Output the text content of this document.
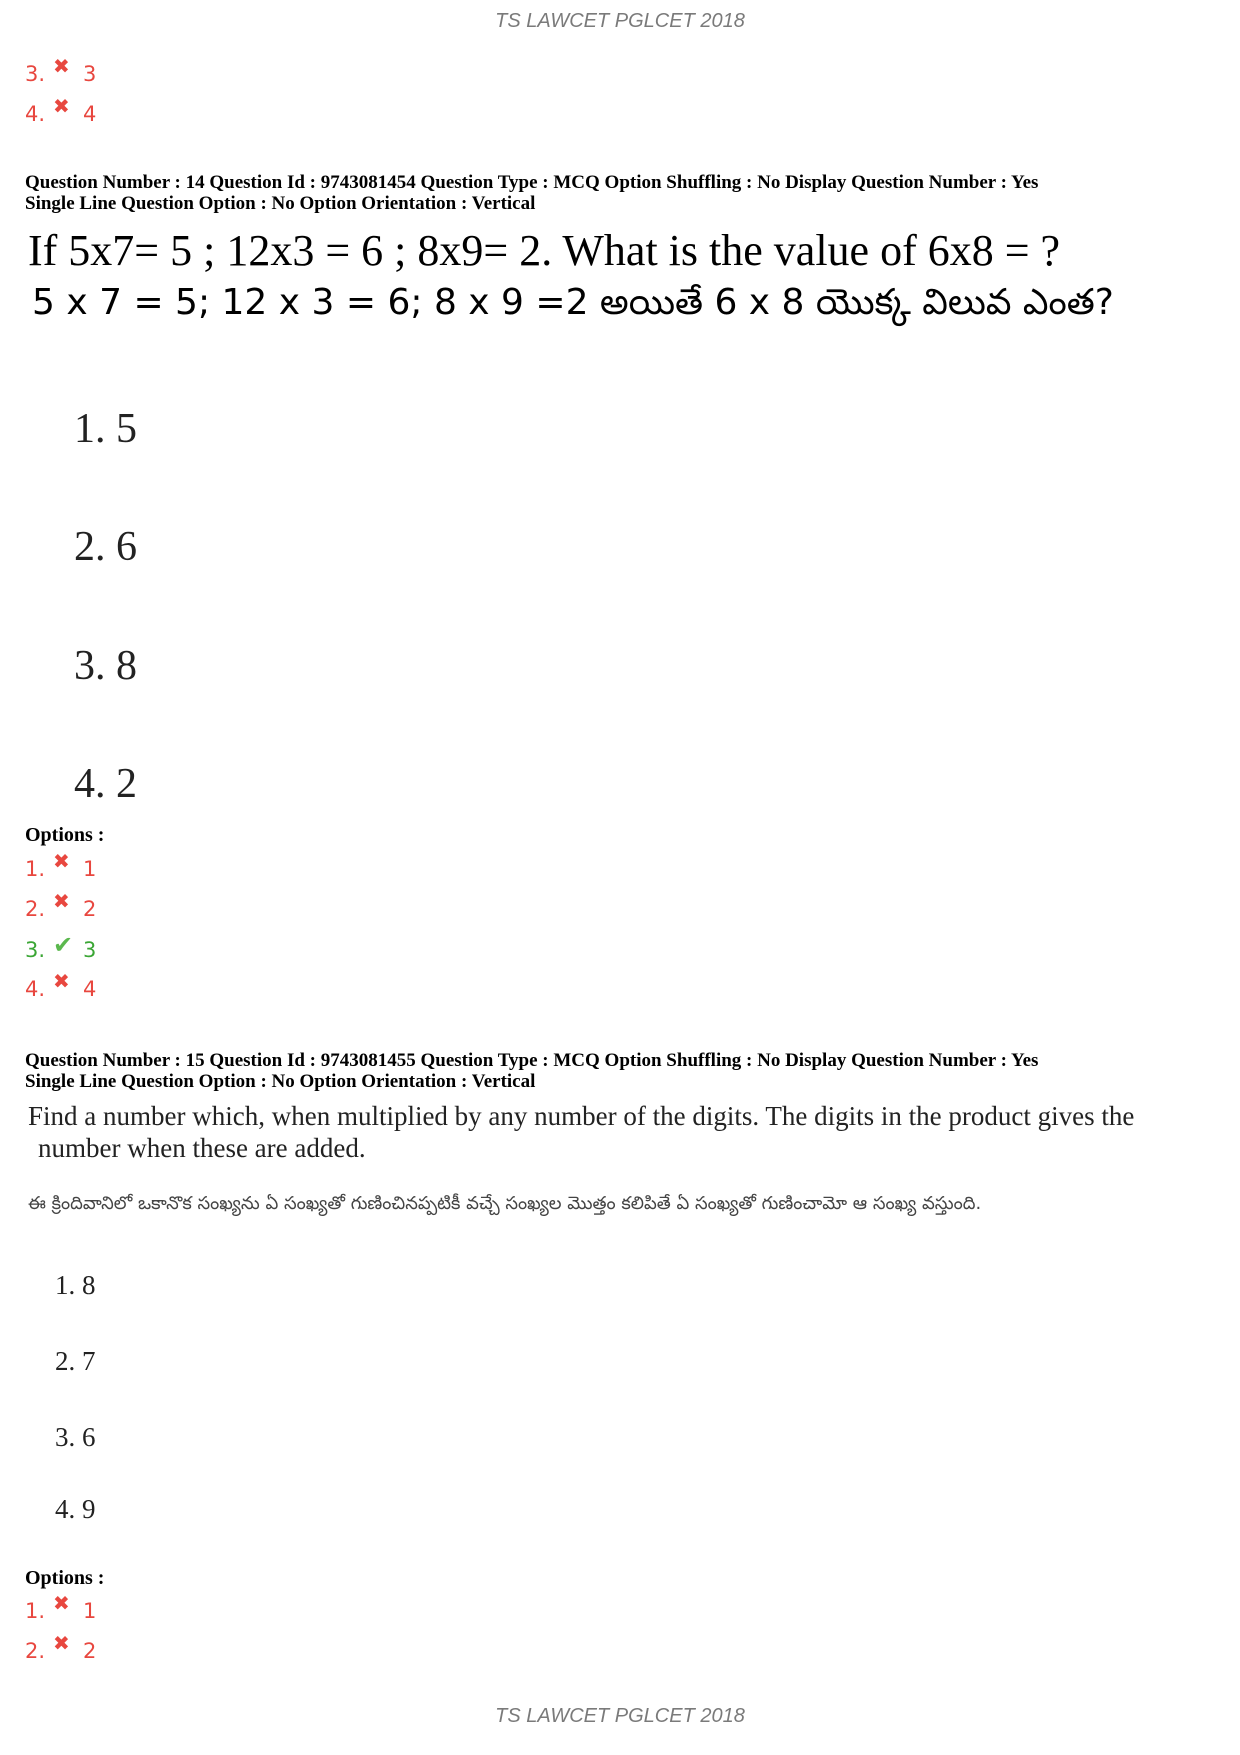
TS LAWCET PGLCET 2018
3. ✖ 3
4. ✖ 4
Question Number : 14 Question Id : 9743081454 Question Type : MCQ Option Shuffling : No Display Question Number : Yes
Single Line Question Option : No Option Orientation : Vertical
If 5x7= 5 ; 12x3 = 6 ; 8x9= 2. What is the value of 6x8 = ?
5 x 7 = 5; 12 x 3 = 6; 8 x 9 =2 అయితే 6 x 8 యొక్క విలువ ఎంత?
1. 5
2. 6
3. 8
4. 2
Options :
1. ✖ 1
2. ✖ 2
3. ✔ 3
4. ✖ 4
Question Number : 15 Question Id : 9743081455 Question Type : MCQ Option Shuffling : No Display Question Number : Yes
Single Line Question Option : No Option Orientation : Vertical
Find a number which, when multiplied by any number of the digits. The digits in the product gives the
number when these are added.
ఈ క్రిందివానిలో ఒకానొక సంఖ్యను ఏ సంఖ్యతో గుణించినప్పటికీ వచ్చే సంఖ్యల మొత్తం కలిపితే ఏ సంఖ్యతో గుణించామో ఆ సంఖ్య వస్తుంది.
1. 8
2. 7
3. 6
4. 9
Options :
1. ✖ 1
2. ✖ 2
TS LAWCET PGLCET 2018
